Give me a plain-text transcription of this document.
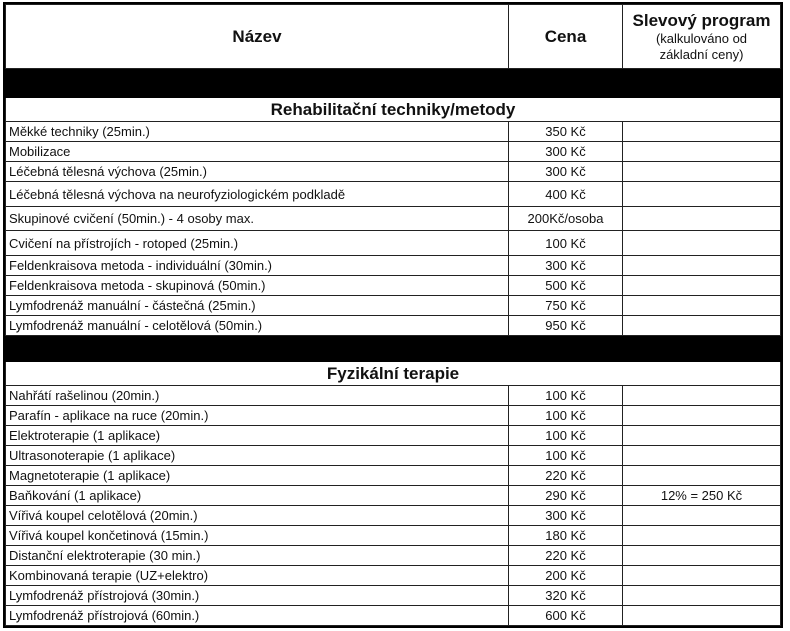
Název	Cena	Slevový program
(kalkulováno od
základní ceny)

Rehabilitační techniky/metody		
Měkké techniky (25min.)	350 Kč	
Mobilizace	300 Kč	
Léčebná tělesná výchova (25min.)	300 Kč	
Léčebná tělesná výchova na neurofyziologickém podkladě	400 Kč	
Skupinové cvičení (50min.) - 4 osoby max.	200Kč/osoba	
Cvičení na přístrojích - rotoped (25min.)	100 Kč	
Feldenkraisova metoda - individuální (30min.)	300 Kč	
Feldenkraisova metoda - skupinová (50min.)	500 Kč	
Lymfodrenáž manuální - částečná (25min.)	750 Kč	
Lymfodrenáž manuální - celotělová (50min.)	950 Kč	

Fyzikální terapie		
Nahřátí rašelinou (20min.)	100 Kč	
Parafín - aplikace na ruce (20min.)	100 Kč	
Elektroterapie (1 aplikace)	100 Kč	
Ultrasonoterapie (1 aplikace)	100 Kč	
Magnetoterapie (1 aplikace)	220 Kč	
Baňkování (1 aplikace)	290 Kč	12% = 250 Kč
Vířivá koupel celotělová (20min.)	300 Kč	
Vířivá koupel končetinová (15min.)	180 Kč	
Distanční elektroterapie (30 min.)	220 Kč	
Kombinovaná terapie (UZ+elektro)	200 Kč	
Lymfodrenáž přístrojová (30min.)	320 Kč	
Lymfodrenáž přístrojová (60min.)	600 Kč	
